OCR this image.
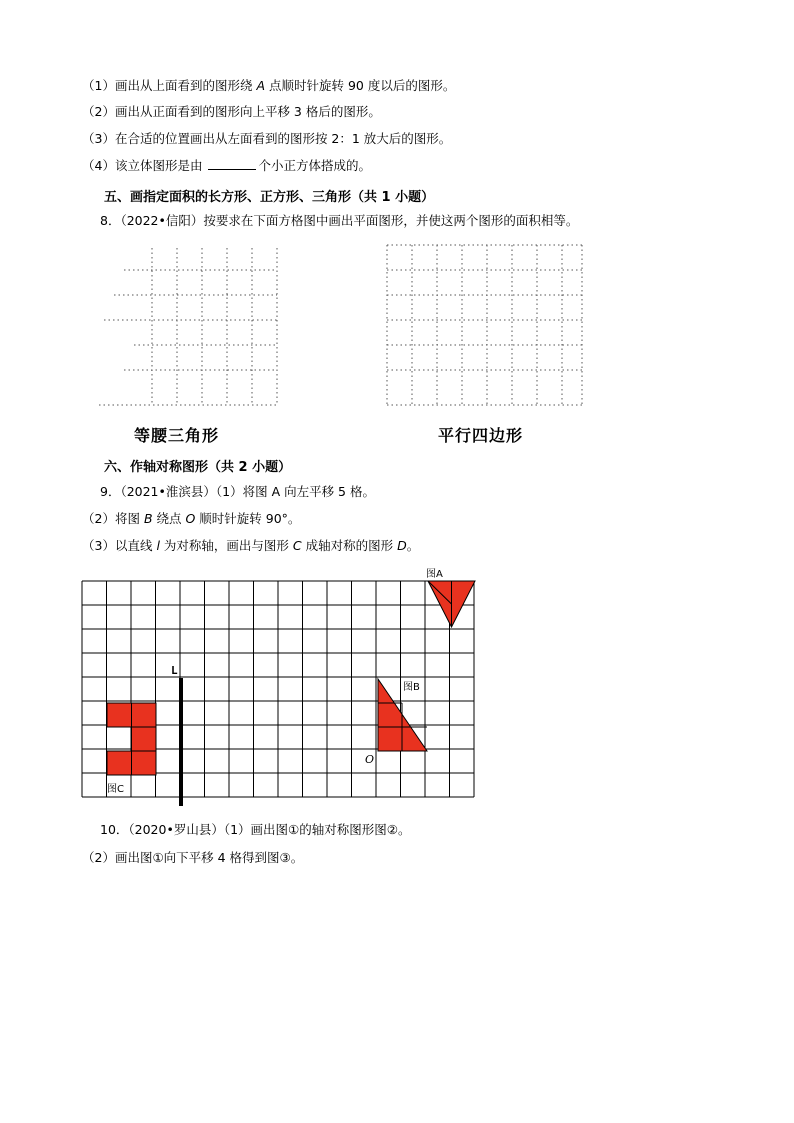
（1）画出从上面看到的图形绕 A 点顺时针旋转 90 度以后的图形。
（2）画出从正面看到的图形向上平移 3 格后的图形。
（3）在合适的位置画出从左面看到的图形按 2：1 放大后的图形。
（4）该立体图形是由	个小正方体搭成的。
五、画指定面积的长方形、正方形、三角形（共 1 小题）
8．（2022•信阳）按要求在下面方格图中画出平面图形，并使这两个图形的面积相等。
等腰三角形	平行四边形
六、作轴对称图形（共 2 小题）
9．（2021•淮滨县）（1）将图 A 向左平移 5 格。
（2）将图 B 绕点 O 顺时针旋转 90°。
（3）以直线 l 为对称轴，画出与图形 C 成轴对称的图形 D。
图A
图B
图C
L
O
10．（2020•罗山县）（1）画出图①的轴对称图形图②。
（2）画出图①向下平移 4 格得到图③。
